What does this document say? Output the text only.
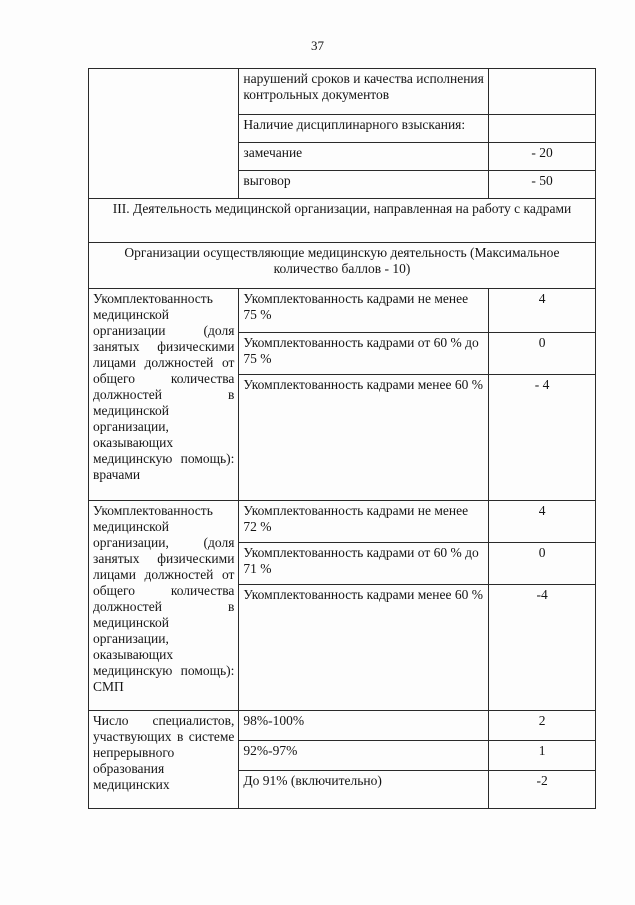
37
	нарушений сроков и качества исполнения контрольных документов	
	Наличие дисциплинарного взыскания:	
	замечание	- 20
	выговор	- 50
III. Деятельность медицинской организации, направленная на работу с кадрами		
Организации осуществляющие медицинскую деятельность (Максимальное количество баллов - 10)		
Укомплектованность медицинской организации (доля занятых физическими лицами должностей от общего количества должностей в медицинской организации, оказывающих медицинскую помощь): врачами	Укомплектованность кадрами не менее 75 %	4
	Укомплектованность кадрами от 60 % до 75 %	0
	Укомплектованность кадрами менее 60 %	- 4
Укомплектованность медицинской организации, (доля занятых физическими лицами должностей от общего количества должностей в медицинской организации, оказывающих медицинскую помощь): СМП	Укомплектованность кадрами не менее 72 %	4
	Укомплектованность кадрами от 60 % до 71 %	0
	Укомплектованность кадрами менее 60 %	-4
Число специалистов, участвующих в системе непрерывного образования медицинских	98%-100%	2
	92%-97%	1
	До 91% (включительно)	-2
